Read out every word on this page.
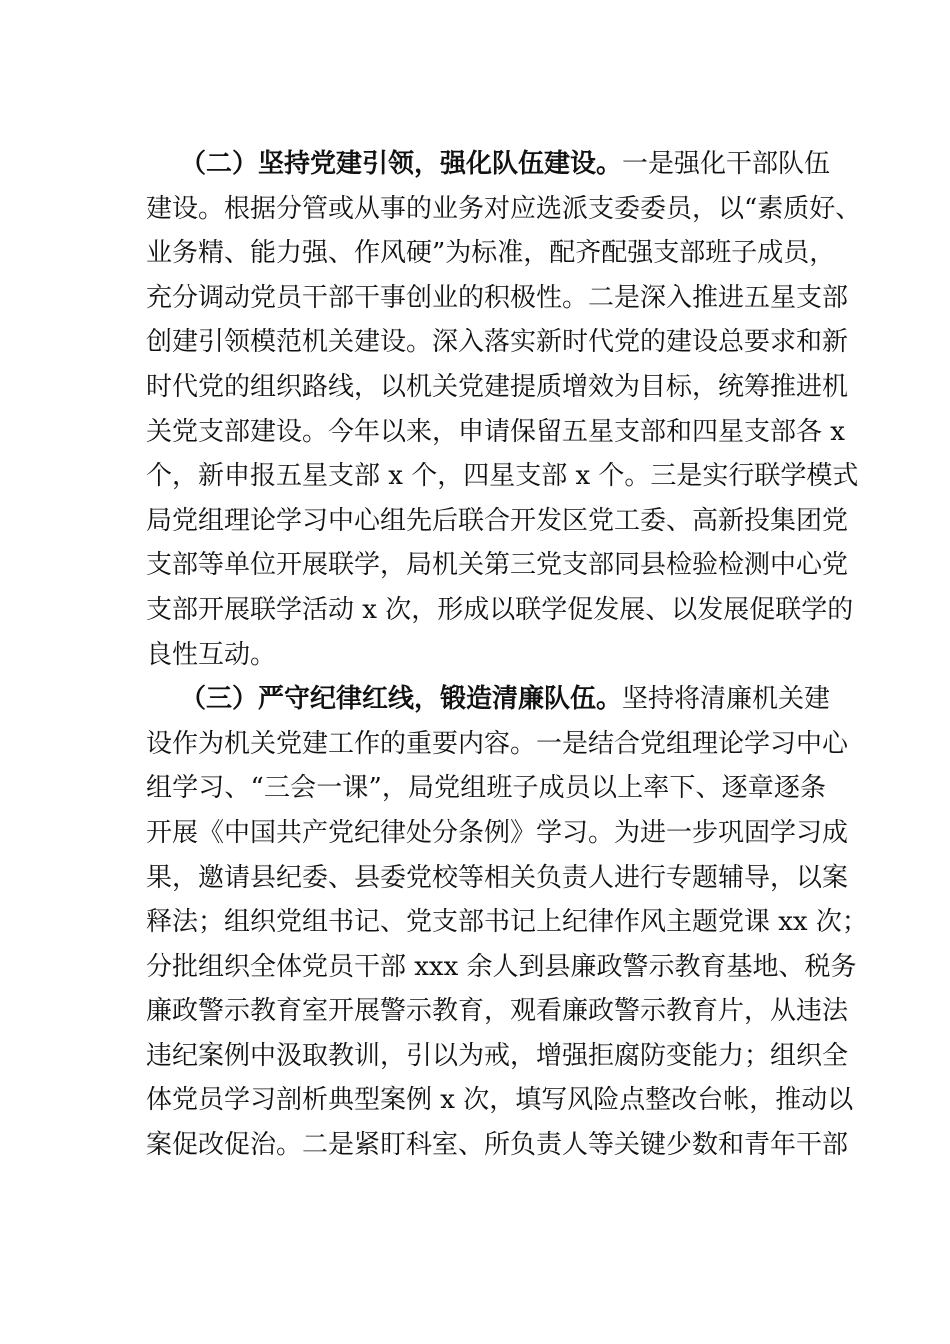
（二）坚持党建引领，强化队伍建设。一是强化干部队伍
建设。根据分管或从事的业务对应选派支委委员，以“素质好、
业务精、能力强、作风硬”为标准，配齐配强支部班子成员，
充分调动党员干部干事创业的积极性。二是深入推进五星支部
创建引领模范机关建设。深入落实新时代党的建设总要求和新
时代党的组织路线，以机关党建提质增效为目标，统筹推进机
关党支部建设。今年以来，申请保留五星支部和四星支部各 x
个，新申报五星支部 x 个，四星支部 x 个。三是实行联学模式
局党组理论学习中心组先后联合开发区党工委、高新投集团党
支部等单位开展联学，局机关第三党支部同县检验检测中心党
支部开展联学活动 x 次，形成以联学促发展、以发展促联学的
良性互动。
（三）严守纪律红线，锻造清廉队伍。坚持将清廉机关建
设作为机关党建工作的重要内容。一是结合党组理论学习中心
组学习、“三会一课”，局党组班子成员以上率下、逐章逐条
开展《中国共产党纪律处分条例》学习。为进一步巩固学习成
果，邀请县纪委、县委党校等相关负责人进行专题辅导，以案
释法；组织党组书记、党支部书记上纪律作风主题党课 xx 次；
分批组织全体党员干部 xxx 余人到县廉政警示教育基地、税务
廉政警示教育室开展警示教育，观看廉政警示教育片，从违法
违纪案例中汲取教训，引以为戒，增强拒腐防变能力；组织全
体党员学习剖析典型案例 x 次，填写风险点整改台帐，推动以
案促改促治。二是紧盯科室、所负责人等关键少数和青年干部
